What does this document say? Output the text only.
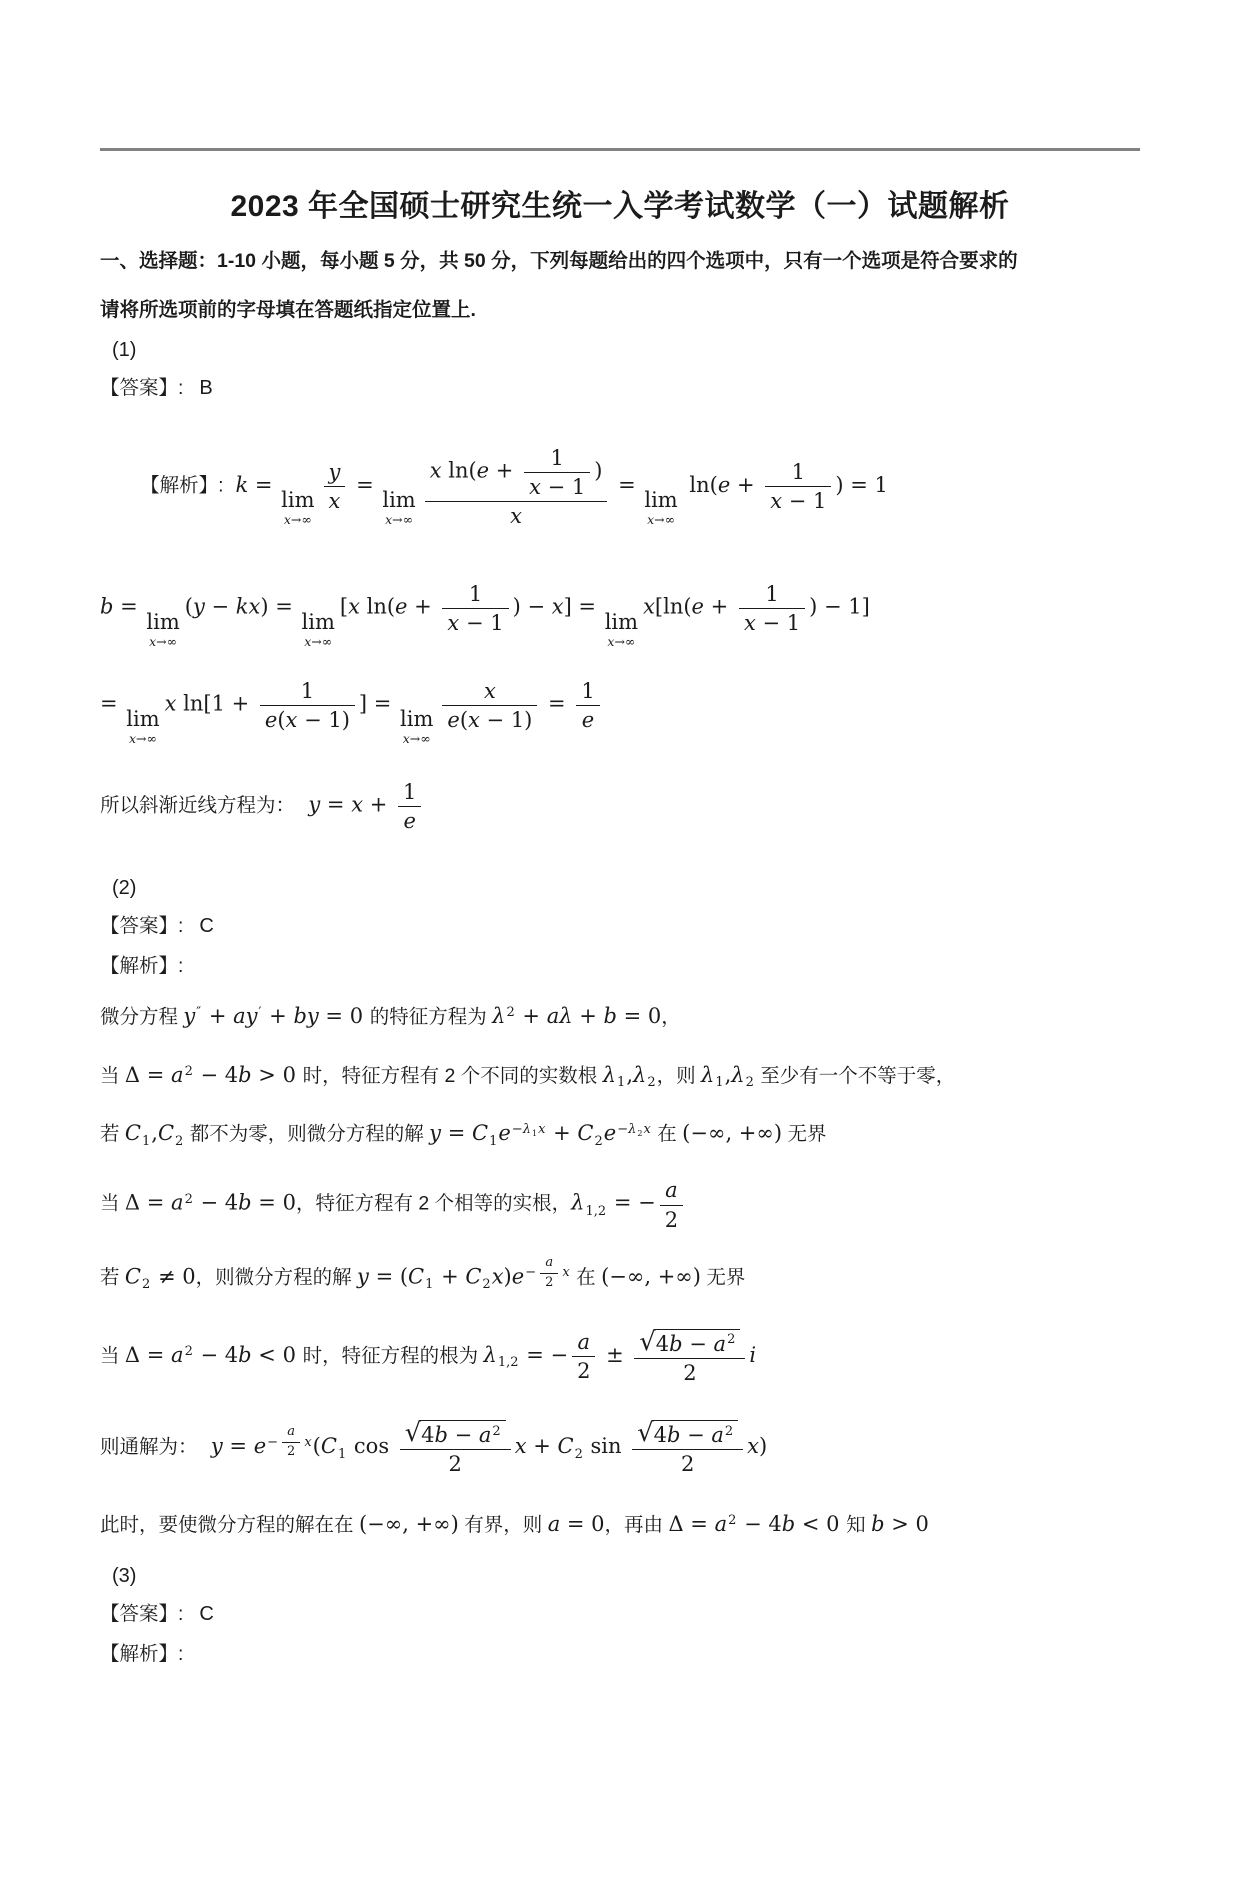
2023 年全国硕士研究生统一入学考试数学（一）试题解析
一、选择题：1-10 小题，每小题 5 分，共 50 分，下列每题给出的四个选项中，只有一个选项是符合要求的
请将所选项前的字母填在答题纸指定位置上.
(1)
【答案】: B

【解析】: k =
lim
x→∞
$\frac{y}{x}$ =
lim
$x\to\infty \frac{x \ln(e + \frac{1}{x - 1} )}{x}$ =
lim
x→∞
$\ln(e + \frac{1}{x - 1}$ ) = 1

b =
lim
x→∞
(y − kx) =
lim
x→∞
[x $\ln(e + \frac{1}{x - 1}$ ) − x] =
lim
x→∞
$x[\ln(e + \frac{1}{x - 1}$ ) − 1]
=
lim
x→∞
x $\ln[1 + \frac{1}{e(x - 1)}$ ] =
lim
x→∞
$\frac{x}{e(x - 1)} = \frac{1}{e}$
所以斜渐近线方程为： $y = x + \frac{1}{e}$
(2)
【答案】: C
【解析】:
微分方程 y″ + ay′ + by = 0 的特征方程为 $\lambda^2 + a\lambda + b = 0$，
当 $\Delta = a^2 - 4b > 0$ 时，特征方程有 2 个不同的实数根 $\lambda_1,\lambda_2$，则 $\lambda_1,\lambda_2$ 至少有一个不等于零，
若 $C_1,C_2$ 都不为零，则微分方程的解 $y = C_1e^{-\lambda_1x} + C_2e^{-\lambda_2x}$ 在 (−∞, +∞) 无界
当 $\Delta = a^2 - 4b = 0$，特征方程有 2 个相等的实根，$\lambda_{1,2}$ = − $\frac{a}{2}$
若 $C_2 \ne 0$，则微分方程的解 $y = (C_1 + C_2x)e^{- \frac{a}{2} x}$ 在 (−∞, +∞) 无界
当 $\Delta = a^2 - 4b < 0$ 时，特征方程的根为 $\lambda_{1,2}$ = − $\frac{a}{2} \pm \frac{√ 4b - a^2}{2}$ i
则通解为： $y = e^{- \frac{a}{2} x}(C_1$ $\cos \frac{√ 4b - a^2}{2}$ $x + C_2$ $\sin \frac{√ 4b - a^2}{2} x$)
此时，要使微分方程的解在在 (−∞, +∞) 有界，则 a = 0，再由 $\Delta = a^2 - 4b < 0$ 知 b > 0
(3)
【答案】: C
【解析】:
